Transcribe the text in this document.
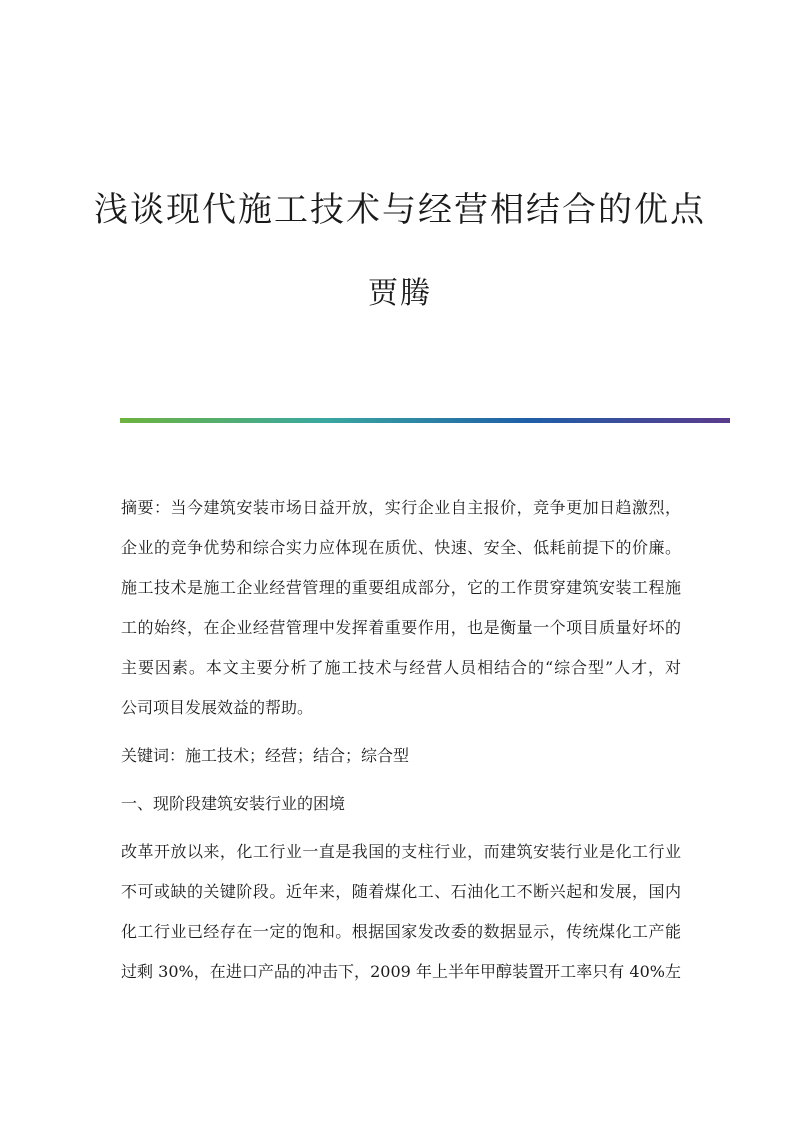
浅谈现代施工技术与经营相结合的优点
贾腾
摘要：当今建筑安装市场日益开放，实行企业自主报价，竞争更加日趋激烈，
企业的竞争优势和综合实力应体现在质优、快速、安全、低耗前提下的价廉。
施工技术是施工企业经营管理的重要组成部分，它的工作贯穿建筑安装工程施
工的始终，在企业经营管理中发挥着重要作用，也是衡量一个项目质量好坏的
主要因素。本文主要分析了施工技术与经营人员相结合的“综合型”人才，对
公司项目发展效益的帮助。
关键词：施工技术；经营；结合；综合型
一、现阶段建筑安装行业的困境
改革开放以来，化工行业一直是我国的支柱行业，而建筑安装行业是化工行业
不可或缺的关键阶段。近年来，随着煤化工、石油化工不断兴起和发展，国内
化工行业已经存在一定的饱和。根据国家发改委的数据显示，传统煤化工产能
过剩 30%，在进口产品的冲击下，2009 年上半年甲醇装置开工率只有 40%左
